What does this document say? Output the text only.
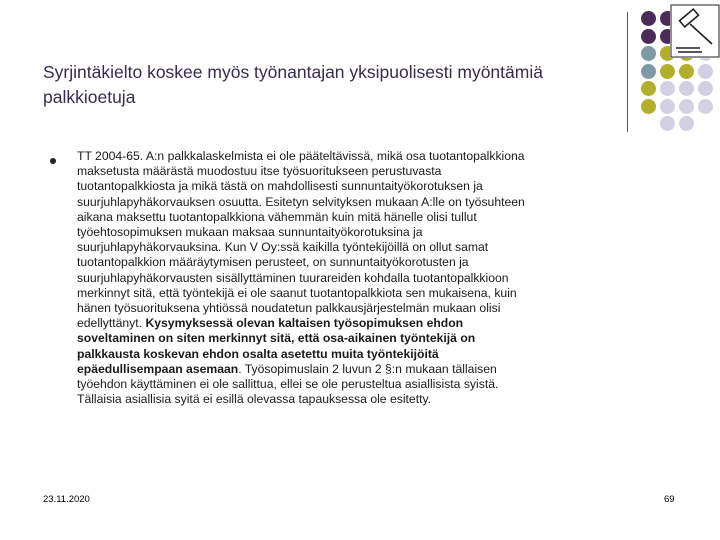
Syrjintäkielto koskee myös työnantajan yksipuolisesti myöntämiä palkkioetuja

TT 2004-65. A:n palkkalaskelmista ei ole pääteltävissä, mikä osa tuotantopalkkiona
maksetusta määrästä muodostuu itse työsuoritukseen perustuvasta
tuotantopalkkiosta ja mikä tästä on mahdollisesti sunnuntaityökorotuksen ja
suurjuhlapyhäkorvauksen osuutta. Esitetyn selvityksen mukaan A:lle on työsuhteen
aikana maksettu tuotantopalkkiona vähemmän kuin mitä hänelle olisi tullut
työehtosopimuksen mukaan maksaa sunnuntaityökorotuksina ja
suurjuhlapyhäkorvauksina. Kun V Oy:ssä kaikilla työntekijöillä on ollut samat
tuotantopalkkion määräytymisen perusteet, on sunnuntaityökorotusten ja
suurjuhlapyhäkorvausten sisällyttäminen tuurareiden kohdalla tuotantopalkkioon
merkinnyt sitä, että työntekijä ei ole saanut tuotantopalkkiota sen mukaisena, kuin
hänen työsuorituksena yhtiössä noudatetun palkkausjärjestelmän mukaan olisi
edellyttänyt. Kysymyksessä olevan kaltaisen työsopimuksen ehdon
soveltaminen on siten merkinnyt sitä, että osa-aikainen työntekijä on
palkkausta koskevan ehdon osalta asetettu muita työntekijöitä
epäedullisempaan asemaan. Työsopimuslain 2 luvun 2 §:n mukaan tällaisen
työehdon käyttäminen ei ole sallittua, ellei se ole perusteltua asiallisista syistä.
Tällaisia asiallisia syitä ei esillä olevassa tapauksessa ole esitetty.

23.11.2020	69
